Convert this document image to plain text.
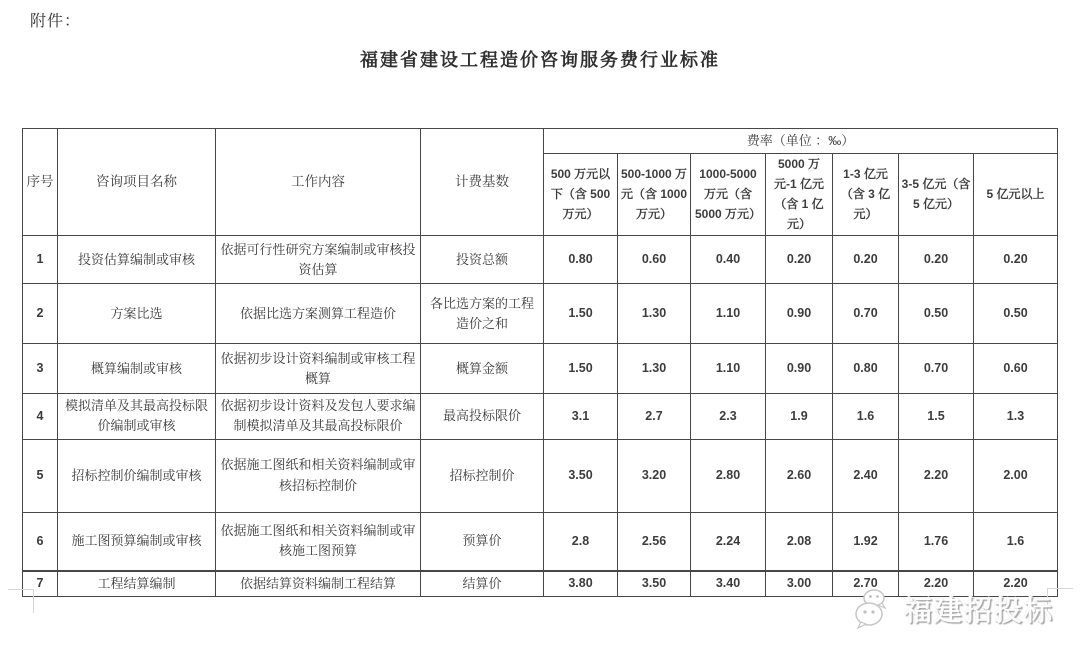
附件：
福建省建设工程造价咨询服务费行业标准
序号	咨询项目名称	工作内容	计费基数	费率（单位 ：‰）						
				500 万元以下（含 500 万元）	500-1000 万元（含 1000 万元）	1000-5000 万元（含 5000 万元）	5000 万元-1 亿元（含 1 亿元）	1-3 亿元（含 3 亿元）	3-5 亿元（含 5 亿元）	5 亿元以上
1	投资估算编制或审核	依据可行性研究方案编制或审核投资估算	投资总额	0.80	0.60	0.40	0.20	0.20	0.20	0.20
2	方案比选	依据比选方案测算工程造价	各比选方案的工程造价之和	1.50	1.30	1.10	0.90	0.70	0.50	0.50
3	概算编制或审核	依据初步设计资料编制或审核工程概算	概算金额	1.50	1.30	1.10	0.90	0.80	0.70	0.60
4	模拟清单及其最高投标限价编制或审核	依据初步设计资料及发包人要求编制模拟清单及其最高投标限价	最高投标限价	3.1	2.7	2.3	1.9	1.6	1.5	1.3
5	招标控制价编制或审核	依据施工图纸和相关资料编制或审核招标控制价	招标控制价	3.50	3.20	2.80	2.60	2.40	2.20	2.00
6	施工图预算编制或审核	依据施工图纸和相关资料编制或审核施工图预算	预算价	2.8	2.56	2.24	2.08	1.92	1.76	1.6
7	工程结算编制	依据结算资料编制工程结算	结算价	3.80	3.50	3.40	3.00	2.70	2.20	2.20
福建招投标
